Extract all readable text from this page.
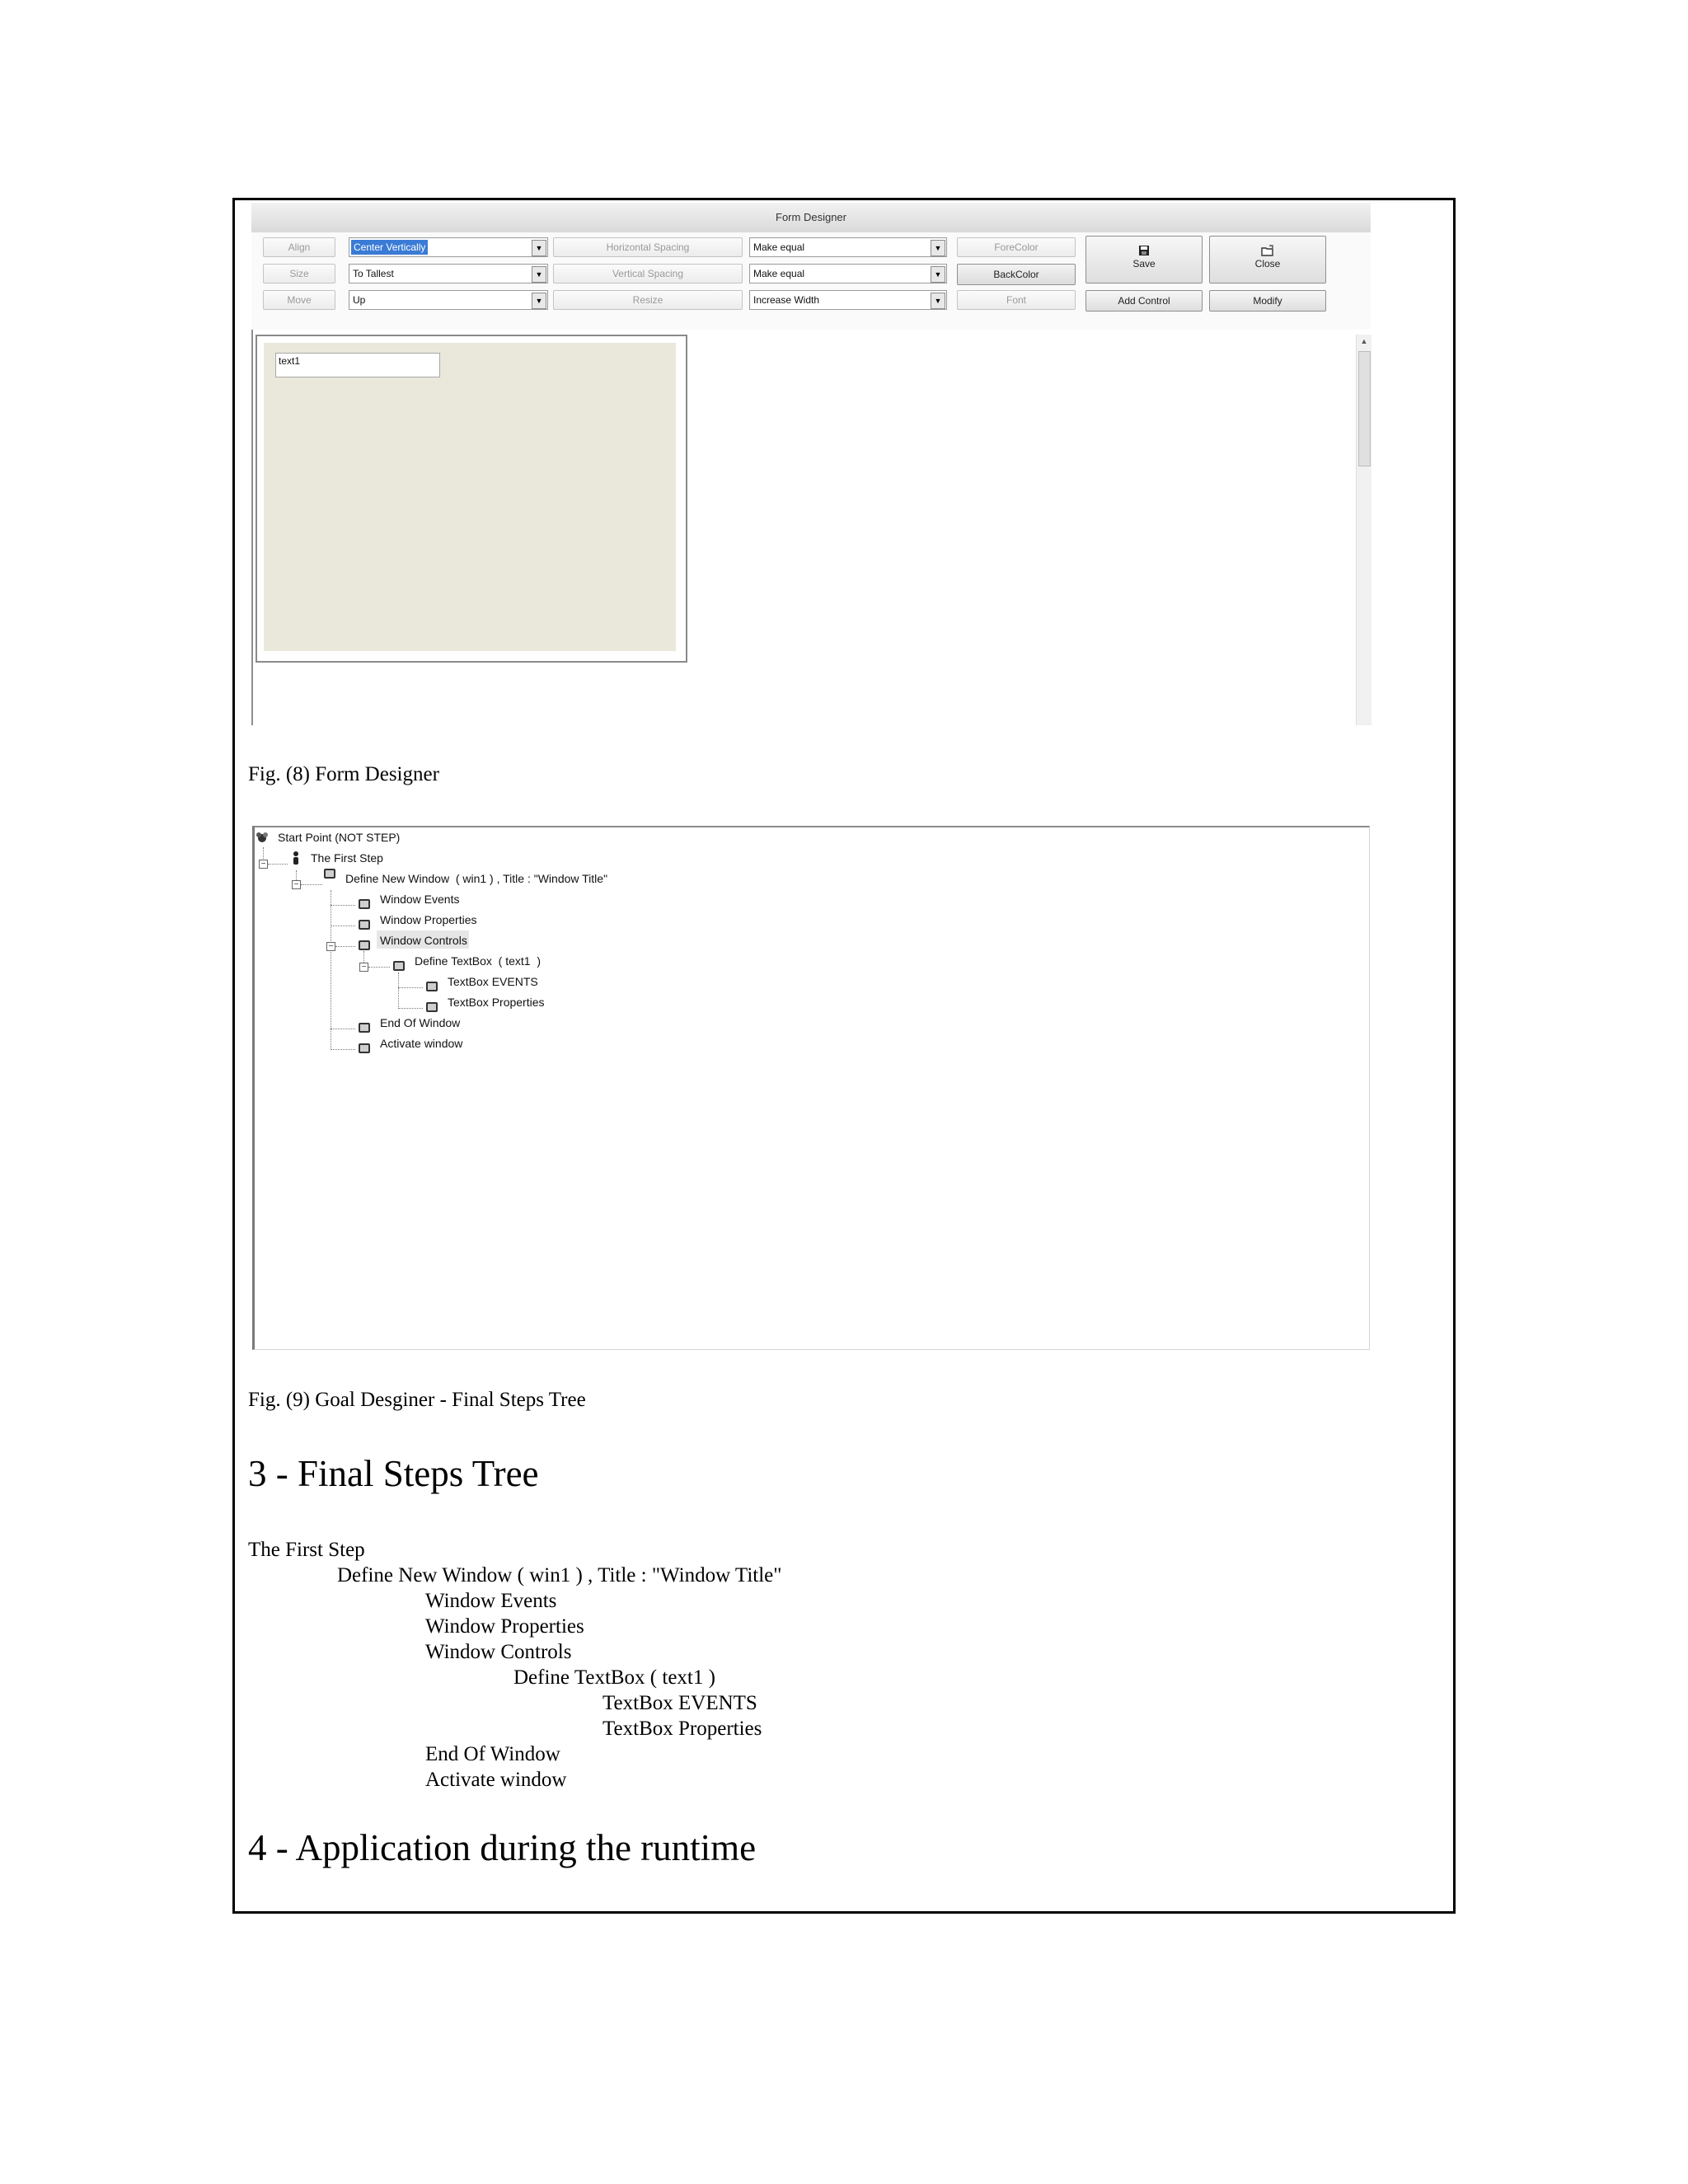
Form Designer
Align	Center Vertically	▼	Horizontal Spacing	Make equal	▼	ForeColor
Size	To Tallest	▼	Vertical Spacing	Make equal	▼	BackColor
Move	Up	▼	Resize	Increase Width	▼	Font
Save	Close
Add Control	Modify
text1
▲
Fig. (8) Form Designer
−
−
−
−
Start Point (NOT STEP)
The First Step
Define New Window  ( win1 ) , Title : "Window Title"
Window Events
Window Properties
Window Controls
Define TextBox  ( text1  )
TextBox EVENTS
TextBox Properties
End Of Window
Activate window
Fig. (9) Goal Desginer - Final Steps Tree
3 - Final Steps Tree
The First Step
Define New Window ( win1 ) , Title : "Window Title"
Window Events
Window Properties
Window Controls
Define TextBox ( text1 )
TextBox EVENTS
TextBox Properties
End Of Window
Activate window
4 - Application during the runtime
